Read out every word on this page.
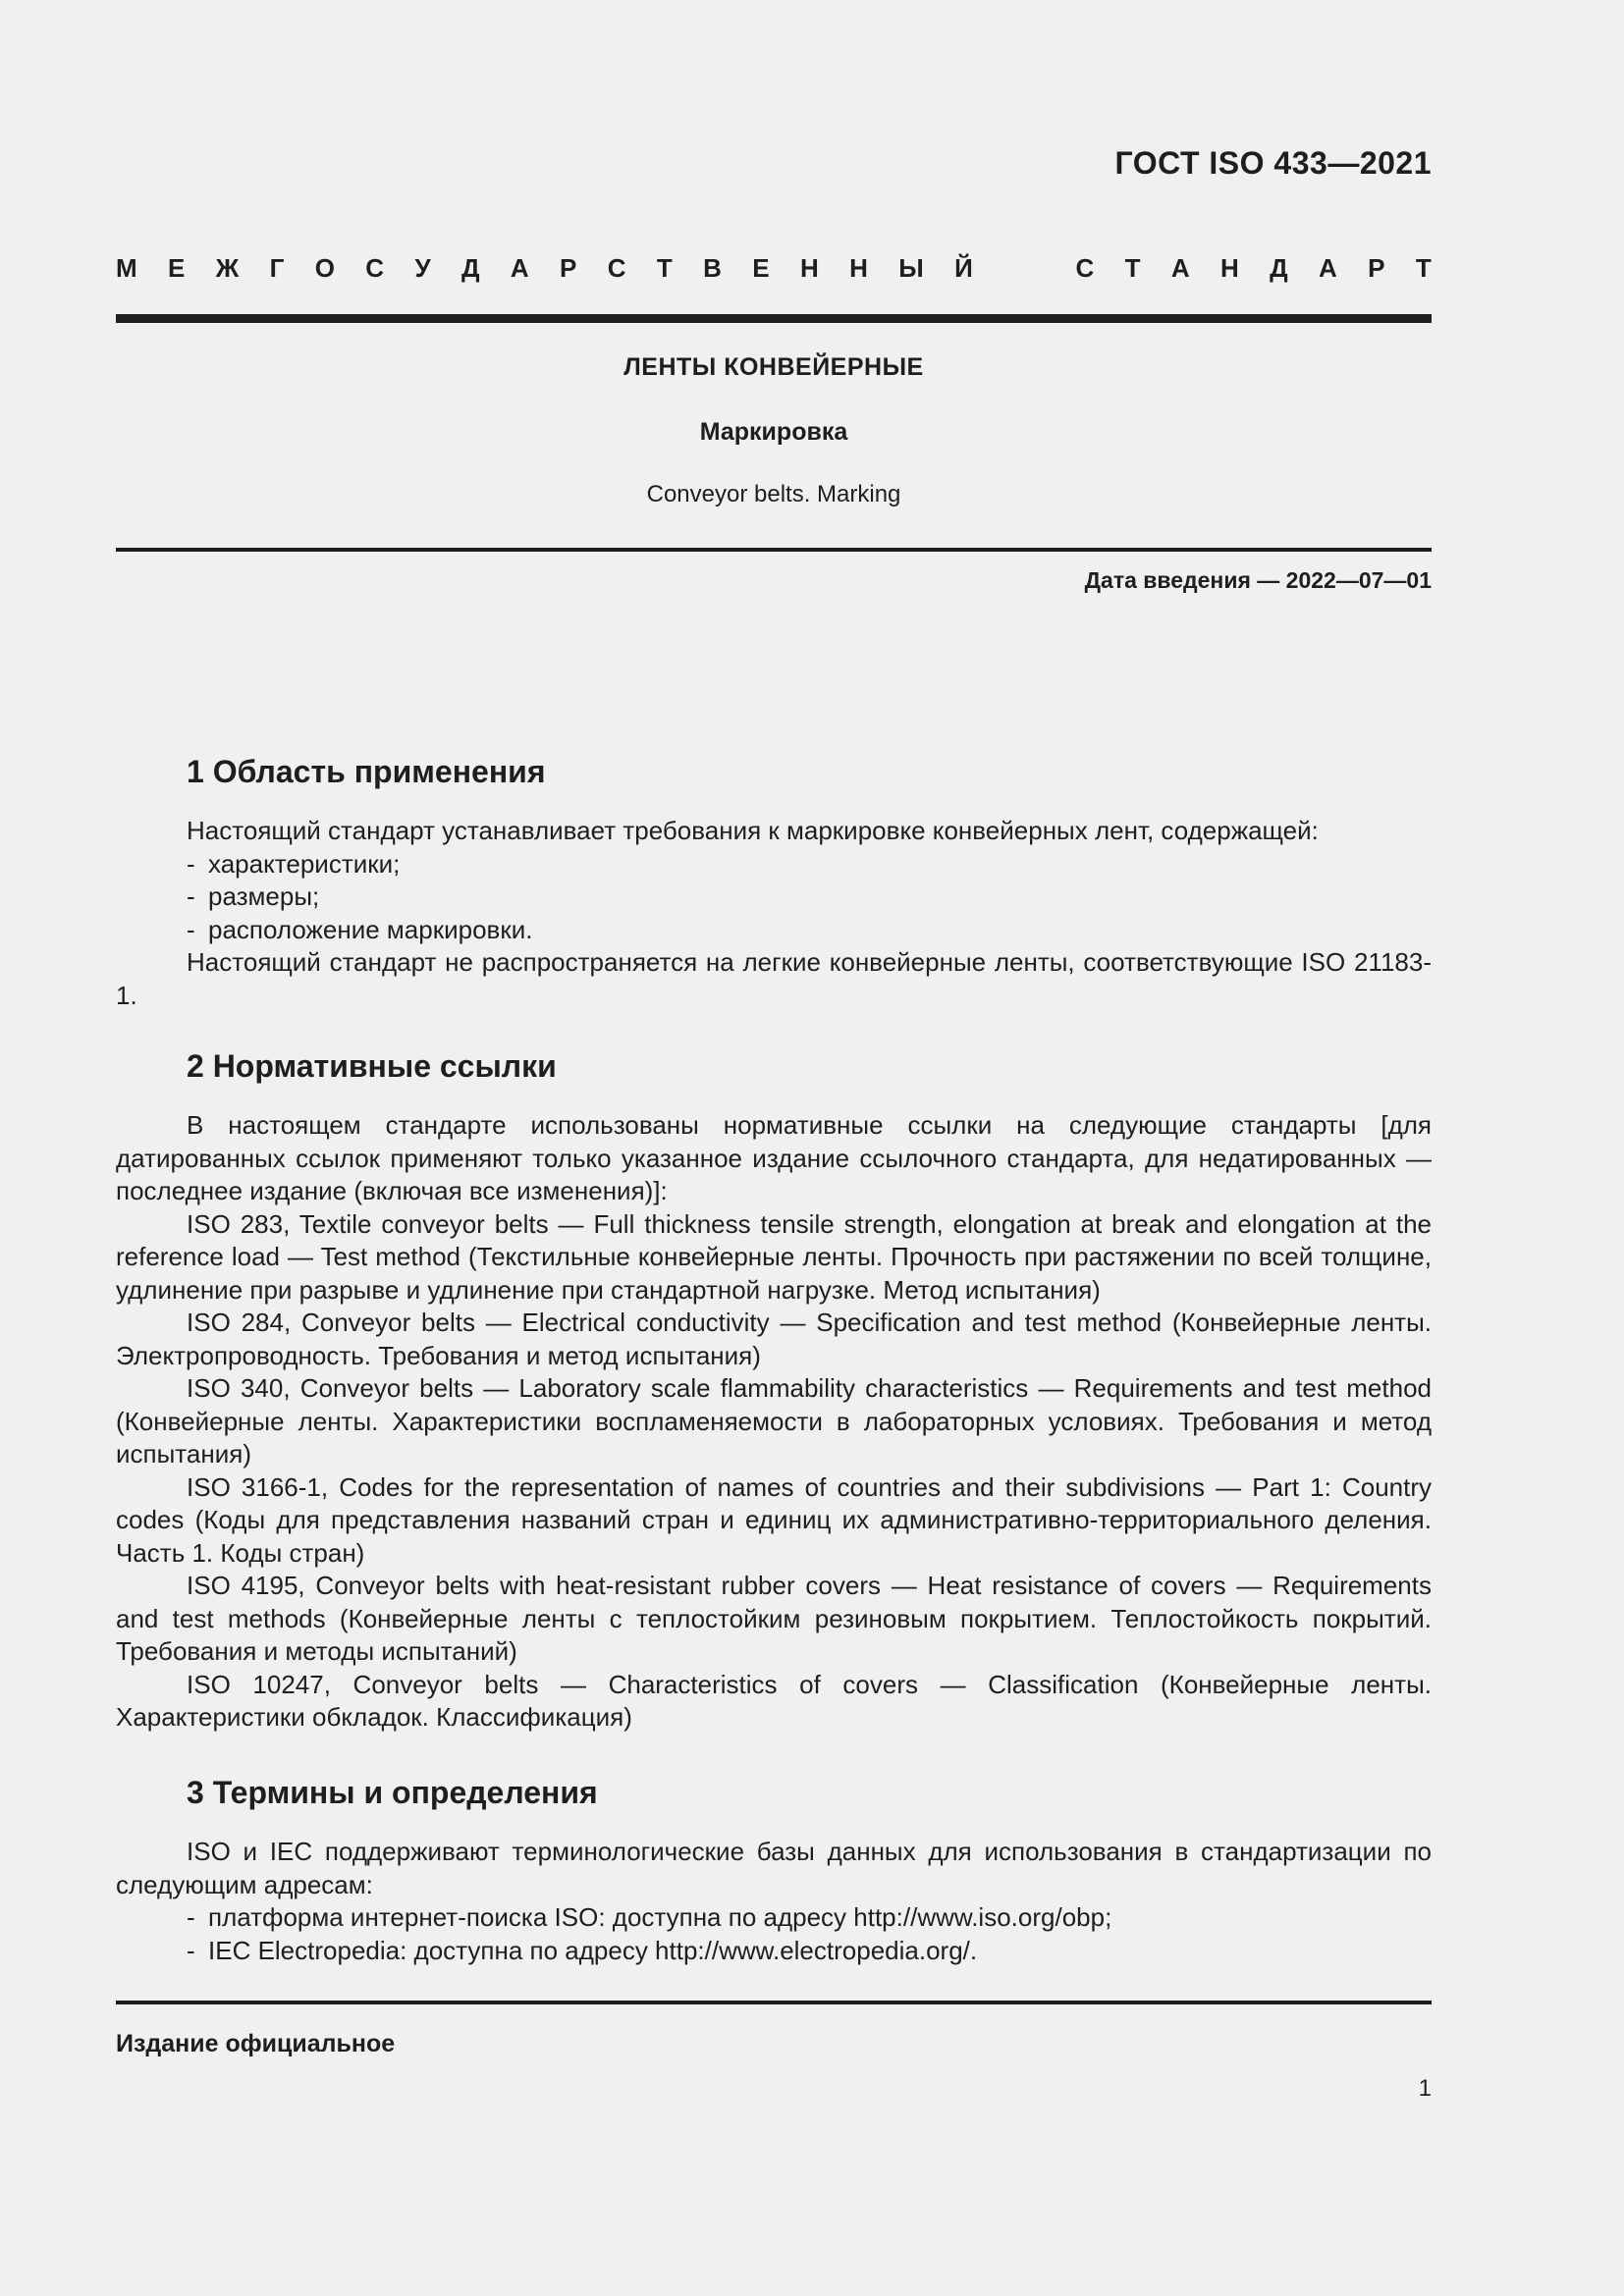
ГОСТ ISO 433—2021
М Е Ж Г О С У Д А Р С Т В Е Н Н Ы Й	С Т А Н Д А Р Т
ЛЕНТЫ КОНВЕЙЕРНЫЕ
Маркировка
Conveyor belts. Marking
Дата введения — 2022—07—01
1 Область применения

Настоящий стандарт устанавливает требования к маркировке конвейерных лент, содержащей:

- характеристики;

- размеры;

- расположение маркировки.

Настоящий стандарт не распространяется на легкие конвейерные ленты, соответствующие ISO 21183-1.

2 Нормативные ссылки

В настоящем стандарте использованы нормативные ссылки на следующие стандарты [для датированных ссылок применяют только указанное издание ссылочного стандарта, для недатированных — последнее издание (включая все изменения)]:

ISO 283, Textile conveyor belts — Full thickness tensile strength, elongation at break and elongation at the reference load — Test method (Текстильные конвейерные ленты. Прочность при растяжении по всей толщине, удлинение при разрыве и удлинение при стандартной нагрузке. Метод испытания)

ISO 284, Conveyor belts — Electrical conductivity — Specification and test method (Конвейерные ленты. Электропроводность. Требования и метод испытания)

ISO 340, Conveyor belts — Laboratory scale flammability characteristics — Requirements and test method (Конвейерные ленты. Характеристики воспламеняемости в лабораторных условиях. Требования и метод испытания)

ISO 3166-1, Codes for the representation of names of countries and their subdivisions — Part 1: Country codes (Коды для представления названий стран и единиц их административно-территориального деления. Часть 1. Коды стран)

ISO 4195, Conveyor belts with heat-resistant rubber covers — Heat resistance of covers — Requirements and test methods (Конвейерные ленты с теплостойким резиновым покрытием. Теплостойкость покрытий. Требования и методы испытаний)

ISO 10247, Conveyor belts — Characteristics of covers — Classification (Конвейерные ленты. Характеристики обкладок. Классификация)

3 Термины и определения

ISO и IEC поддерживают терминологические базы данных для использования в стандартизации по следующим адресам:

- платформа интернет-поиска ISO: доступна по адресу http://www.iso.org/obp;

- IEC Electropedia: доступна по адресу http://www.electropedia.org/.

Издание официальное
1
